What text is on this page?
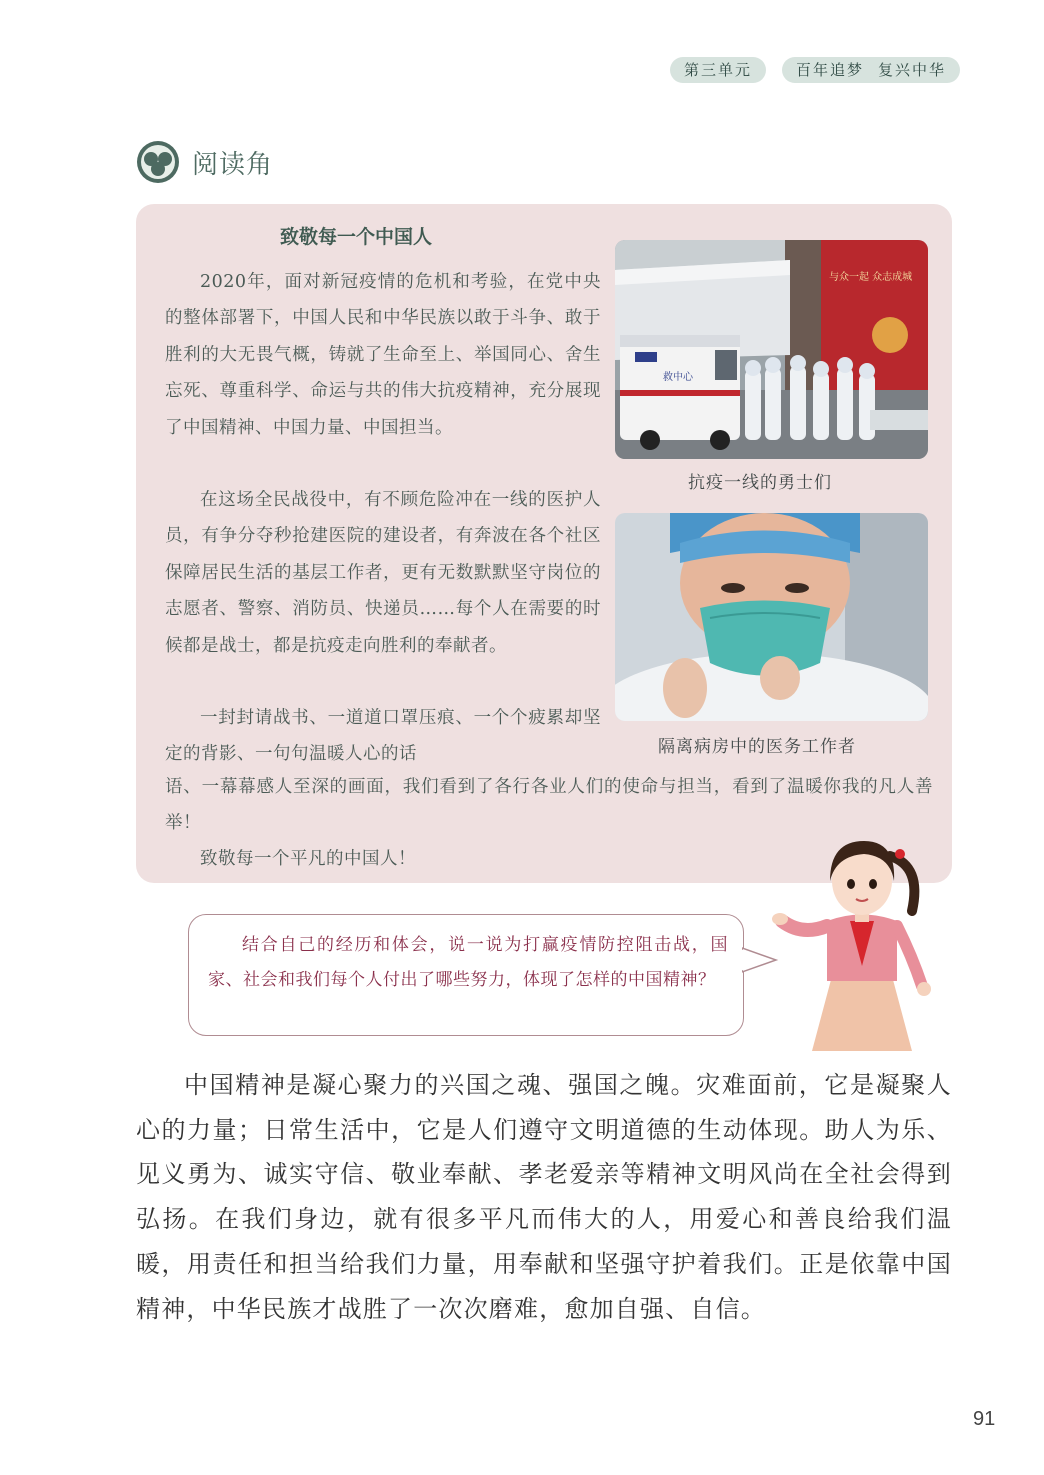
第三单元	百年追梦 复兴中华
阅读角
致敬每一个中国人

2020年，面对新冠疫情的危机和考验，在党中央的整体部署下，中国人民和中华民族以敢于斗争、敢于胜利的大无畏气概，铸就了生命至上、举国同心、舍生忘死、尊重科学、命运与共的伟大抗疫精神，充分展现了中国精神、中国力量、中国担当。

在这场全民战役中，有不顾危险冲在一线的医护人员，有争分夺秒抢建医院的建设者，有奔波在各个社区保障居民生活的基层工作者，更有无数默默坚守岗位的志愿者、警察、消防员、快递员……每个人在需要的时候都是战士，都是抗疫走向胜利的奉献者。

一封封请战书、一道道口罩压痕、一个个疲累却坚定的背影、一句句温暖人心的话

语、一幕幕感人至深的画面，我们看到了各行各业人们的使命与担当，看到了温暖你我的凡人善举！

致敬每一个平凡的中国人！

与众一起 众志成城
救中心
抗疫一线的勇士们
隔离病房中的医务工作者

结合自己的经历和体会，说一说为打赢疫情防控阻击战，国家、社会和我们每个人付出了哪些努力，体现了怎样的中国精神？

中国精神是凝心聚力的兴国之魂、强国之魄。灾难面前，它是凝聚人心的力量；日常生活中，它是人们遵守文明道德的生动体现。助人为乐、见义勇为、诚实守信、敬业奉献、孝老爱亲等精神文明风尚在全社会得到弘扬。在我们身边，就有很多平凡而伟大的人，用爱心和善良给我们温暖，用责任和担当给我们力量，用奉献和坚强守护着我们。正是依靠中国精神，中华民族才战胜了一次次磨难，愈加自强、自信。

91
